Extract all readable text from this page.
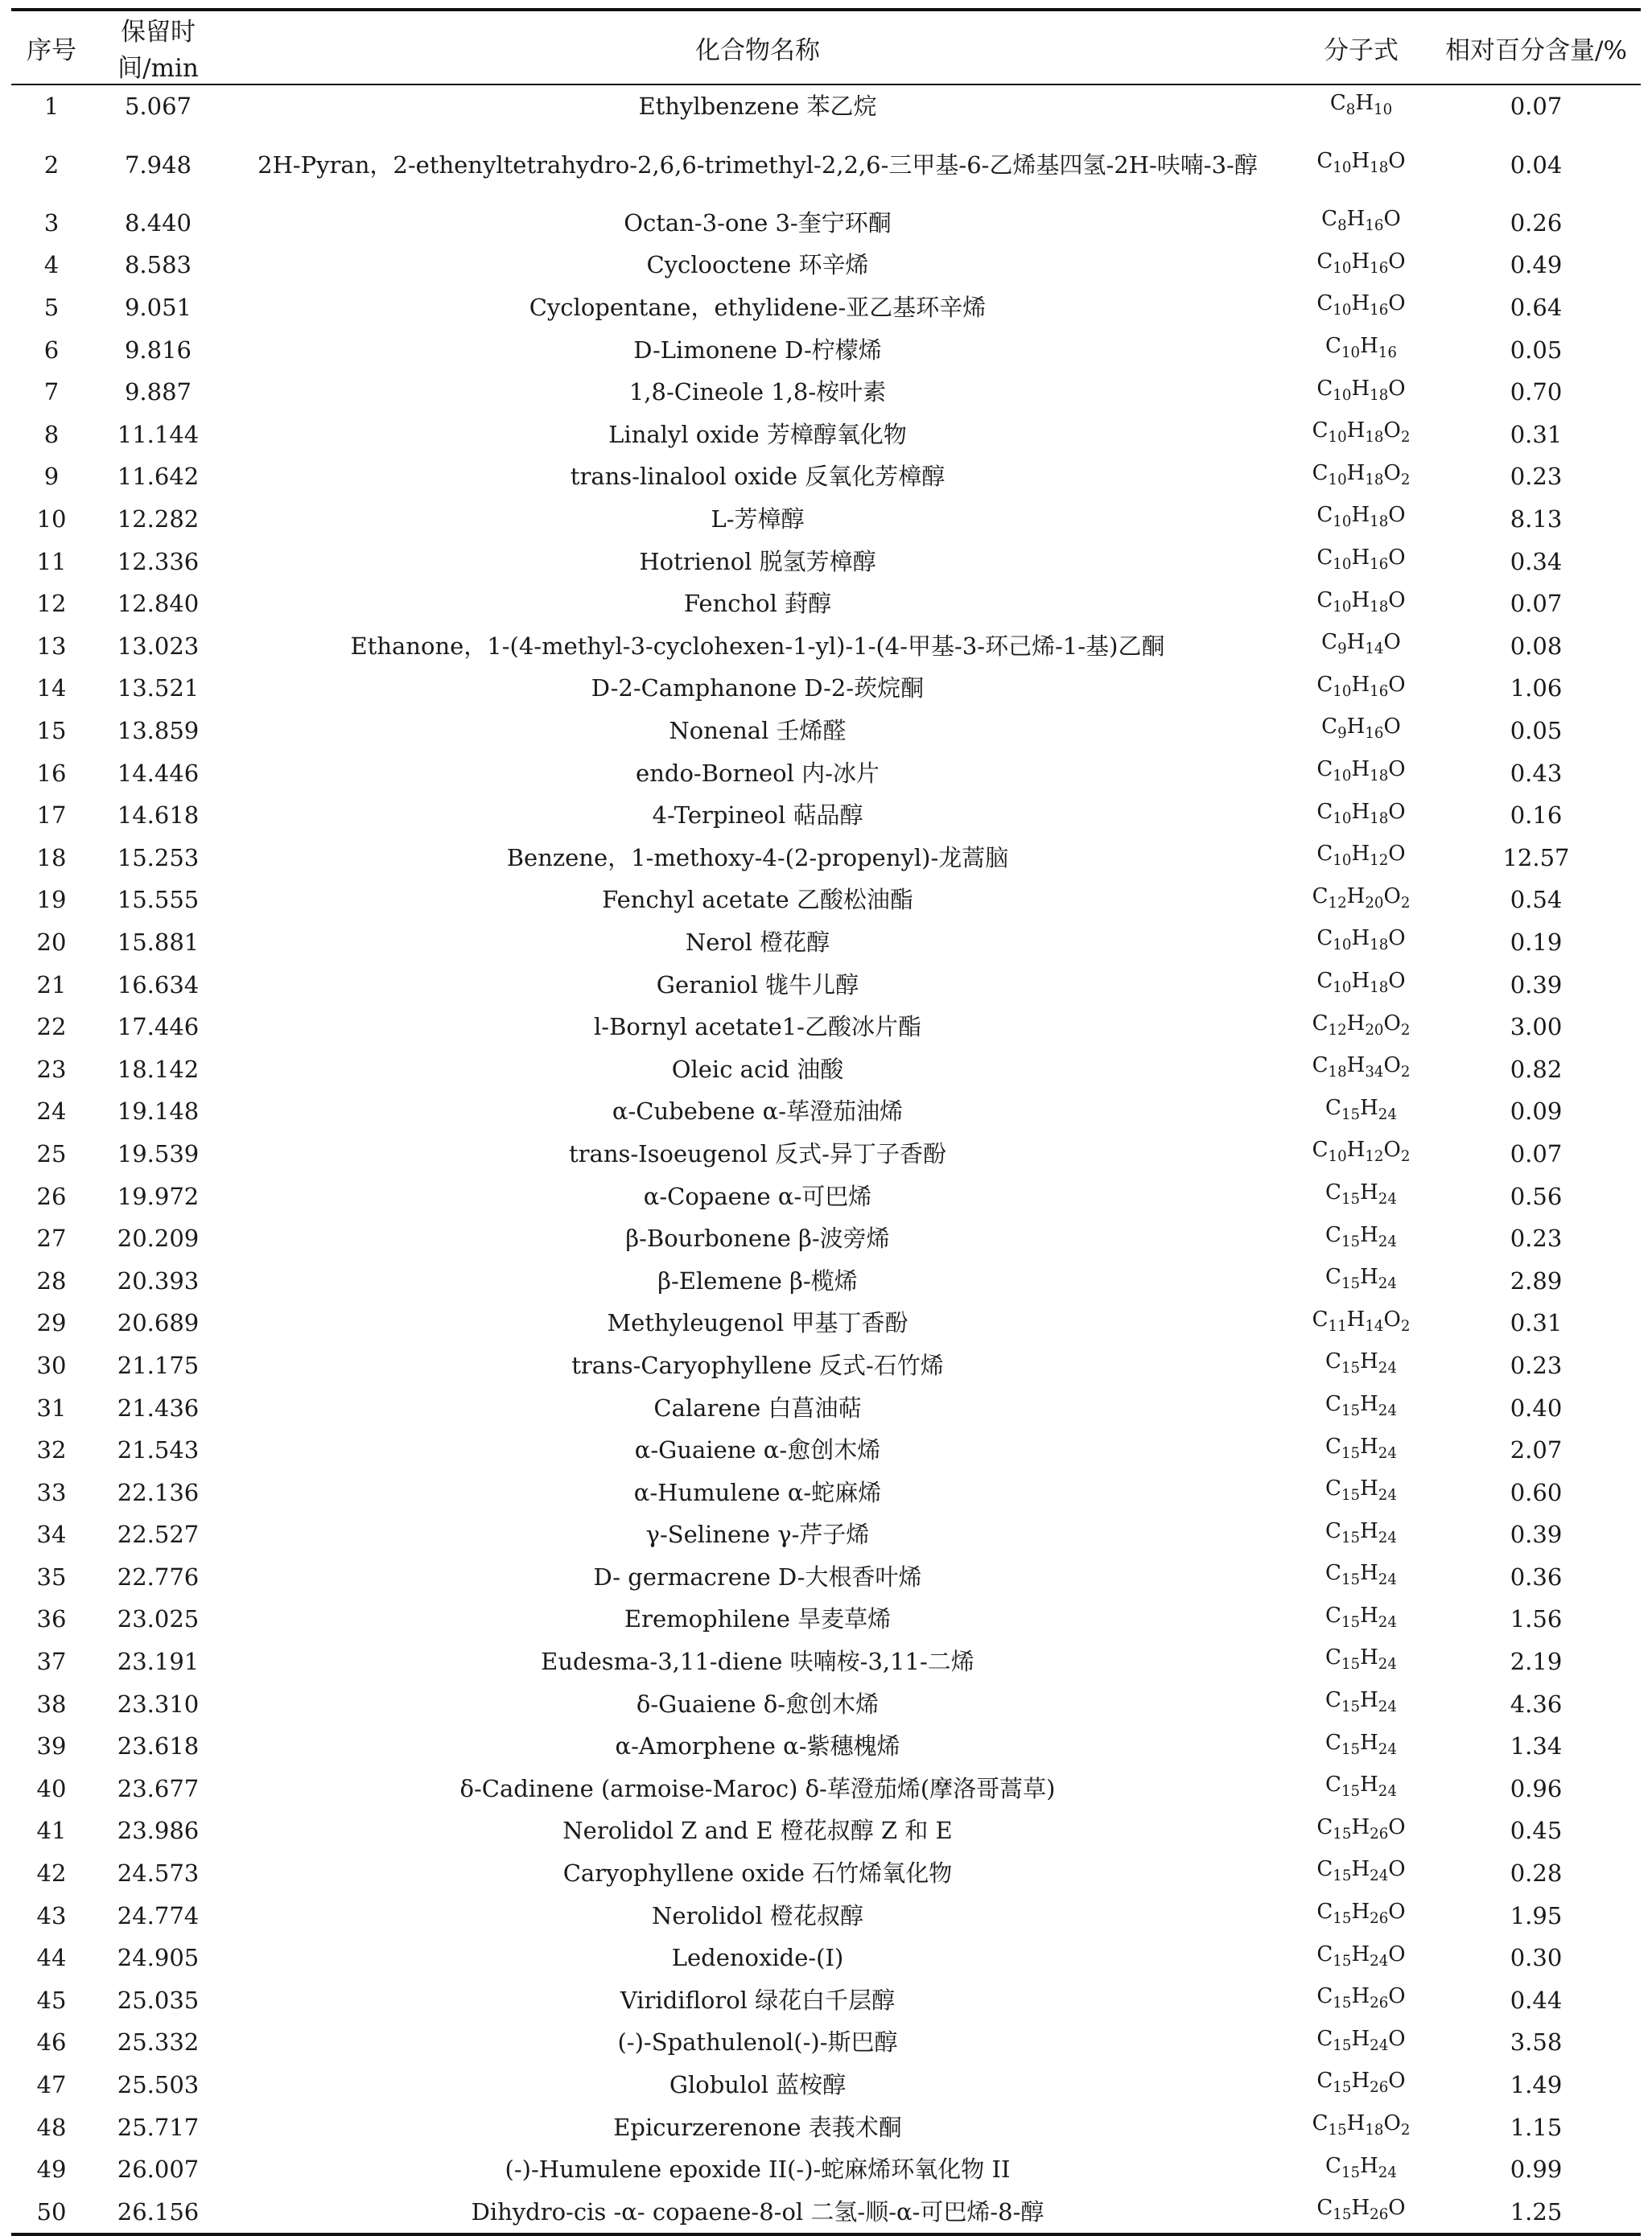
序号	保留时间/min	化合物名称	分子式	相对百分含量/%
1	5.067	Ethylbenzene 苯乙烷	$C_8H_{10}$	0.07
2	7.948	2H-Pyran，2-ethenyltetrahydro-2,6,6-trimethyl-2,2,6-三甲基-6-乙烯基四氢-2H-呋喃-3-醇	$C_{10}H_{18}O$	0.04
3	8.440	Octan-3-one 3-奎宁环酮	$C_8H_{16}O$	0.26
4	8.583	Cyclooctene 环辛烯	$C_{10}H_{16}O$	0.49
5	9.051	Cyclopentane，ethylidene-亚乙基环辛烯	$C_{10}H_{16}O$	0.64
6	9.816	D-Limonene D-柠檬烯	$C_{10}H_{16}$	0.05
7	9.887	1,8-Cineole 1,8-桉叶素	$C_{10}H_{18}O$	0.70
8	11.144	Linalyl oxide 芳樟醇氧化物	$C_{10}H_{18}O_2$	0.31
9	11.642	trans-linalool oxide 反氧化芳樟醇	$C_{10}H_{18}O_2$	0.23
10	12.282	L-芳樟醇	$C_{10}H_{18}O$	8.13
11	12.336	Hotrienol 脱氢芳樟醇	$C_{10}H_{16}O$	0.34
12	12.840	Fenchol 葑醇	$C_{10}H_{18}O$	0.07
13	13.023	Ethanone，1-(4-methyl-3-cyclohexen-1-yl)-1-(4-甲基-3-环己烯-1-基)乙酮	$C_9H_{14}O$	0.08
14	13.521	D-2-Camphanone D-2-莰烷酮	$C_{10}H_{16}O$	1.06
15	13.859	Nonenal 壬烯醛	$C_9H_{16}O$	0.05
16	14.446	endo-Borneol 内-冰片	$C_{10}H_{18}O$	0.43
17	14.618	4-Terpineol 萜品醇	$C_{10}H_{18}O$	0.16
18	15.253	Benzene，1-methoxy-4-(2-propenyl)-龙蒿脑	$C_{10}H_{12}O$	12.57
19	15.555	Fenchyl acetate 乙酸松油酯	$C_{12}H_{20}O_2$	0.54
20	15.881	Nerol 橙花醇	$C_{10}H_{18}O$	0.19
21	16.634	Geraniol 牻牛儿醇	$C_{10}H_{18}O$	0.39
22	17.446	l-Bornyl acetate1-乙酸冰片酯	$C_{12}H_{20}O_2$	3.00
23	18.142	Oleic acid 油酸	$C_{18}H_{34}O_2$	0.82
24	19.148	α-Cubebene α-荜澄茄油烯	$C_{15}H_{24}$	0.09
25	19.539	trans-Isoeugenol 反式-异丁子香酚	$C_{10}H_{12}O_2$	0.07
26	19.972	α-Copaene α-可巴烯	$C_{15}H_{24}$	0.56
27	20.209	β-Bourbonene β-波旁烯	$C_{15}H_{24}$	0.23
28	20.393	β-Elemene β-榄烯	$C_{15}H_{24}$	2.89
29	20.689	Methyleugenol 甲基丁香酚	$C_{11}H_{14}O_2$	0.31
30	21.175	trans-Caryophyllene 反式-石竹烯	$C_{15}H_{24}$	0.23
31	21.436	Calarene 白菖油萜	$C_{15}H_{24}$	0.40
32	21.543	α-Guaiene α-愈创木烯	$C_{15}H_{24}$	2.07
33	22.136	α-Humulene α-蛇麻烯	$C_{15}H_{24}$	0.60
34	22.527	γ-Selinene γ-芹子烯	$C_{15}H_{24}$	0.39
35	22.776	D- germacrene D-大根香叶烯	$C_{15}H_{24}$	0.36
36	23.025	Eremophilene 旱麦草烯	$C_{15}H_{24}$	1.56
37	23.191	Eudesma-3,11-diene 呋喃桉-3,11-二烯	$C_{15}H_{24}$	2.19
38	23.310	δ-Guaiene δ-愈创木烯	$C_{15}H_{24}$	4.36
39	23.618	α-Amorphene α-紫穗槐烯	$C_{15}H_{24}$	1.34
40	23.677	δ-Cadinene (armoise-Maroc) δ-荜澄茄烯(摩洛哥蒿草)	$C_{15}H_{24}$	0.96
41	23.986	Nerolidol Z and E 橙花叔醇 Z 和 E	$C_{15}H_{26}O$	0.45
42	24.573	Caryophyllene oxide 石竹烯氧化物	$C_{15}H_{24}O$	0.28
43	24.774	Nerolidol 橙花叔醇	$C_{15}H_{26}O$	1.95
44	24.905	Ledenoxide-(I)	$C_{15}H_{24}O$	0.30
45	25.035	Viridiflorol 绿花白千层醇	$C_{15}H_{26}O$	0.44
46	25.332	(-)-Spathulenol(-)-斯巴醇	$C_{15}H_{24}O$	3.58
47	25.503	Globulol 蓝桉醇	$C_{15}H_{26}O$	1.49
48	25.717	Epicurzerenone 表莪术酮	$C_{15}H_{18}O_2$	1.15
49	26.007	(-)-Humulene epoxide II(-)-蛇麻烯环氧化物 II	$C_{15}H_{24}$	0.99
50	26.156	Dihydro-cis -α- copaene-8-ol 二氢-顺-α-可巴烯-8-醇	$C_{15}H_{26}O$	1.25
